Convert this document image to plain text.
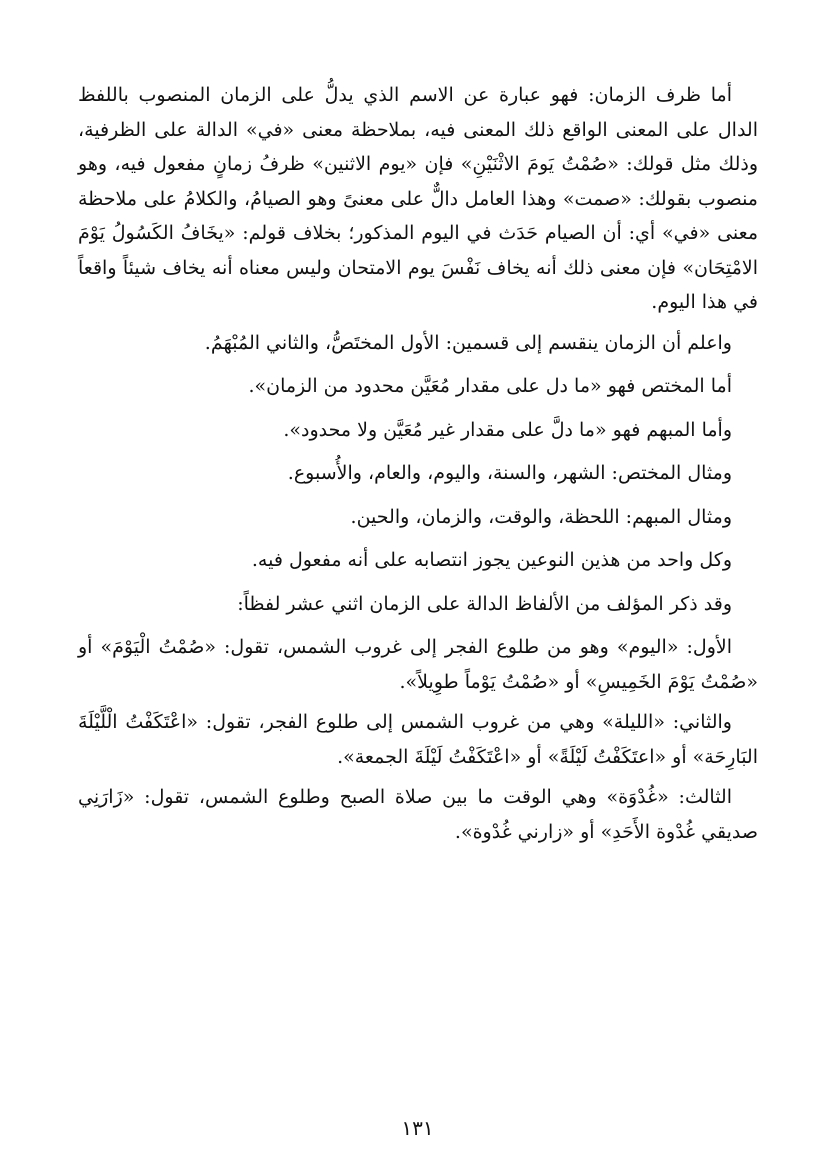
أما ظرف الزمان: فهو عبارة عن الاسم الذي يدلُّ على الزمان المنصوب باللفظ الدال على المعنى الواقع ذلك المعنى فيه، بملاحظة معنى «في» الدالة على الظرفية، وذلك مثل قولك: «صُمْتُ يَومَ الاثْنَيْنِ» فإن «يوم الاثنين» ظرفُ زمانٍ مفعول فيه، وهو منصوب بقولك: «صمت» وهذا العامل دالٌّ على معنىً وهو الصيامُ، والكلامُ على ملاحظة معنى «في» أي: أن الصيام حَدَث في اليوم المذكور؛ بخلاف قولم: «يخَافُ الكَسُولُ يَوْمَ الامْتِحَان» فإن معنى ذلك أنه يخاف نَفْسَ يوم الامتحان وليس معناه أنه يخاف شيئاً واقعاً في هذا اليوم.

واعلم أن الزمان ينقسم إلى قسمين: الأول المختَصُّ، والثاني المُبْهَمُ.

أما المختص فهو «ما دل على مقدار مُعَيَّن محدود من الزمان».

وأما المبهم فهو «ما دلَّ على مقدار غير مُعَيَّن ولا محدود».

ومثال المختص: الشهر، والسنة، واليوم، والعام، والأُسبوع.

ومثال المبهم: اللحظة، والوقت، والزمان، والحين.

وكل واحد من هذين النوعين يجوز انتصابه على أنه مفعول فيه.

وقد ذكر المؤلف من الألفاظ الدالة على الزمان اثني عشر لفظاً:

الأول: «اليوم» وهو من طلوع الفجر إلى غروب الشمس، تقول: «صُمْتُ الْيَوْمَ» أو «صُمْتُ يَوْمَ الخَمِيسِ» أو «صُمْتُ يَوْماً طوِيلاً».

والثاني: «الليلة» وهي من غروب الشمس إلى طلوع الفجر، تقول: «اعْتَكَفْتُ الْلَّيْلَةَ البَارِحَة» أو «اعتَكَفْتُ لَيْلَةً» أو «اعْتَكَفْتُ لَيْلَةَ الجمعة».

الثالث: «غُدْوَة» وهي الوقت ما بين صلاة الصبح وطلوع الشمس، تقول: «زَارَنِي صديقي غُدْوة الأَحَدِ» أو «زارني غُدْوة».

١٣١
